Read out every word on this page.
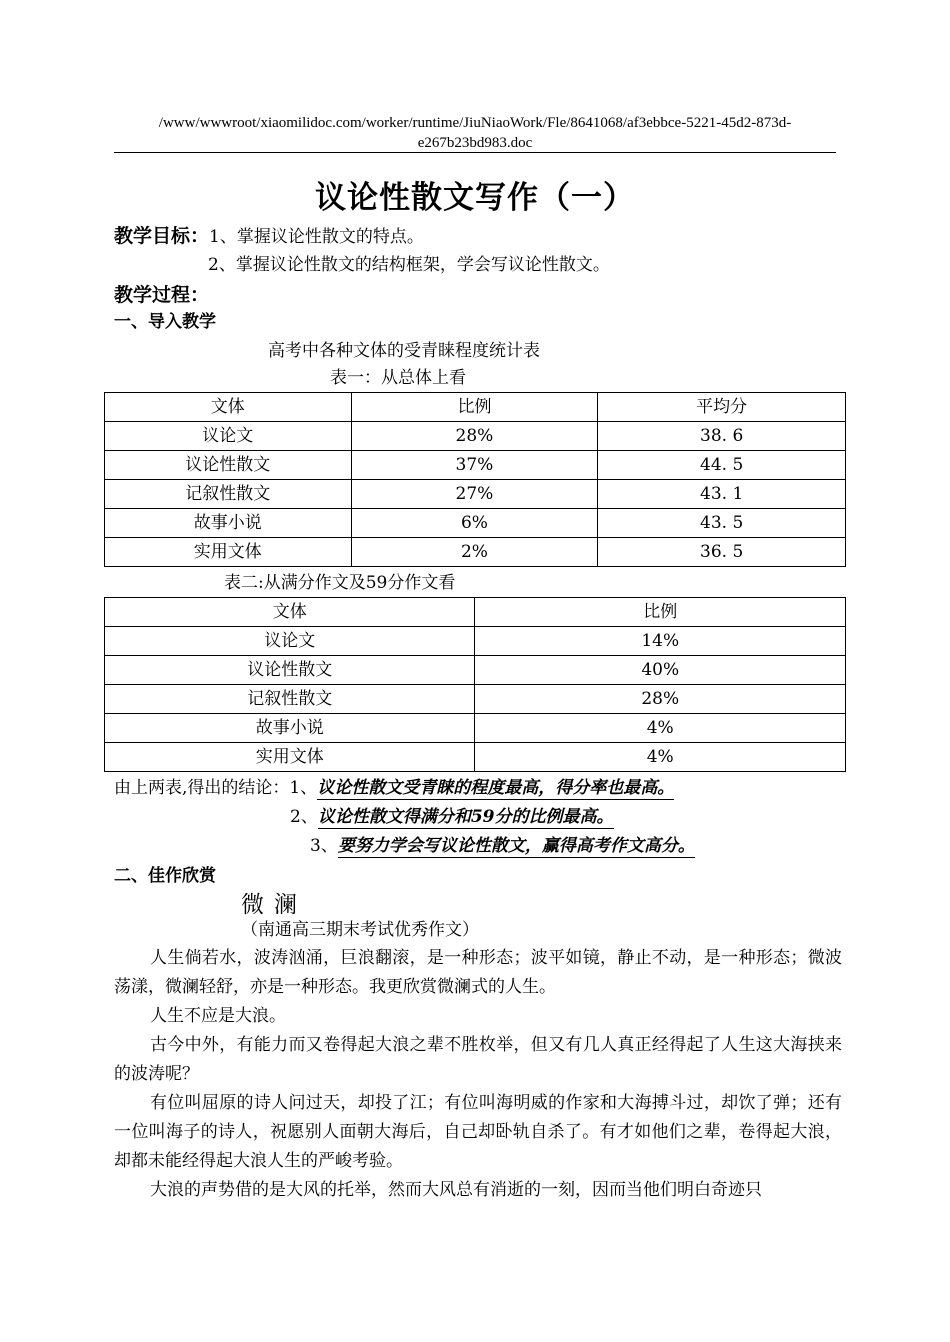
/www/wwwroot/xiaomilidoc.com/worker/runtime/JiuNiaoWork/Fle/8641068/af3ebbce-5221-45d2-873d-e267b23bd983.doc
议论性散文写作（一）
教学目标：1、掌握议论性散文的特点。
2、掌握议论性散文的结构框架，学会写议论性散文。
教学过程：
一、导入教学
高考中各种文体的受青睐程度统计表
表一：从总体上看
文体	比例	平均分
议论文	28%	38. 6
议论性散文	37%	44. 5
记叙性散文	27%	43. 1
故事小说	6%	43. 5
实用文体	2%	36. 5
表二:从满分作文及59分作文看
文体	比例
议论文	14%
议论性散文	40%
记叙性散文	28%
故事小说	4%
实用文体	4%
由上两表,得出的结论：1、议论性散文受青睐的程度最高，得分率也最高。
2、议论性散文得满分和59分的比例最高。
3、要努力学会写议论性散文，赢得高考作文高分。
二、佳作欣赏
微澜
（南通高三期末考试优秀作文）

人生倘若水，波涛汹涌，巨浪翻滚，是一种形态；波平如镜，静止不动，是一种形态；微波荡漾，微澜轻舒，亦是一种形态。我更欣赏微澜式的人生。

人生不应是大浪。

古今中外，有能力而又卷得起大浪之辈不胜枚举，但又有几人真正经得起了人生这大海挟来的波涛呢？

有位叫屈原的诗人问过天，却投了江；有位叫海明威的作家和大海搏斗过，却饮了弹；还有一位叫海子的诗人，祝愿别人面朝大海后，自己却卧轨自杀了。有才如他们之辈，卷得起大浪，却都未能经得起大浪人生的严峻考验。

大浪的声势借的是大风的托举，然而大风总有消逝的一刻，因而当他们明白奇迹只
